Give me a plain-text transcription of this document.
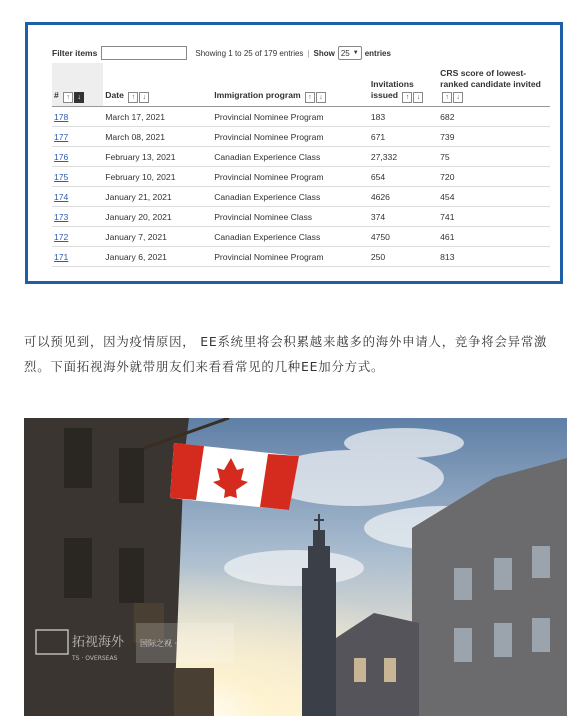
Filter items	Showing 1 to 25 of 179 entries | Show 25 ▼ entries
# ↑ ↓	Date ↑ ↓	Immigration program ↑ ↓	Invitations issued ↑ ↓	CRS score of lowest-ranked candidate invited
↑ ↓

178	March 17, 2021	Provincial Nominee Program	183	682
177	March 08, 2021	Provincial Nominee Program	671	739
176	February 13, 2021	Canadian Experience Class	27,332	75
175	February 10, 2021	Provincial Nominee Program	654	720
174	January 21, 2021	Canadian Experience Class	4626	454
173	January 20, 2021	Provincial Nominee Class	374	741
172	January 7, 2021	Canadian Experience Class	4750	461
171	January 6, 2021	Provincial Nominee Program	250	813

可以预见到，因为疫情原因， EE系统里将会积累越来越多的海外申请人，竞争将会异常激烈。下面拓视海外就带朋友们来看看常见的几种EE加分方式。

拓视海外
TS · OVERSEAS
国际之视 · 格局之境
